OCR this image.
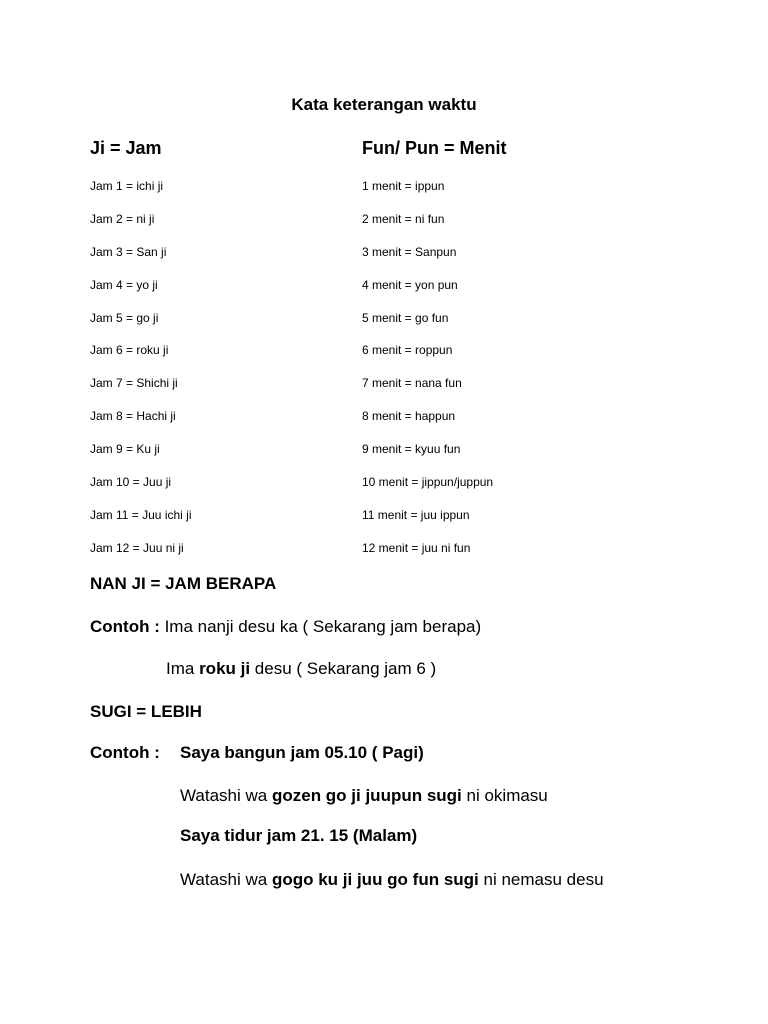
Kata keterangan waktu
Ji = Jam	Fun/ Pun = Menit
Jam 1 = ichi ji
Jam 2 = ni ji
Jam 3 = San ji
Jam 4 = yo ji
Jam 5 = go ji
Jam 6 = roku ji
Jam 7 = Shichi ji
Jam 8 = Hachi ji
Jam 9 = Ku ji
Jam 10 = Juu ji
Jam 11 = Juu ichi ji
Jam 12 = Juu ni ji
1 menit = ippun
2 menit = ni fun
3 menit = Sanpun
4 menit = yon pun
5 menit = go fun
6 menit = roppun
7 menit = nana fun
8 menit = happun
9 menit = kyuu fun
10 menit = jippun/juppun
11 menit = juu ippun
12 menit = juu ni fun
NAN JI = JAM BERAPA
Contoh : Ima nanji desu ka ( Sekarang jam berapa)
Ima roku ji desu ( Sekarang jam 6 )
SUGI = LEBIH
Contoh : Saya bangun jam 05.10 ( Pagi)
Watashi wa gozen go ji juupun sugi ni okimasu
Saya tidur jam 21. 15 (Malam)
Watashi wa gogo ku ji juu go fun sugi ni nemasu desu
